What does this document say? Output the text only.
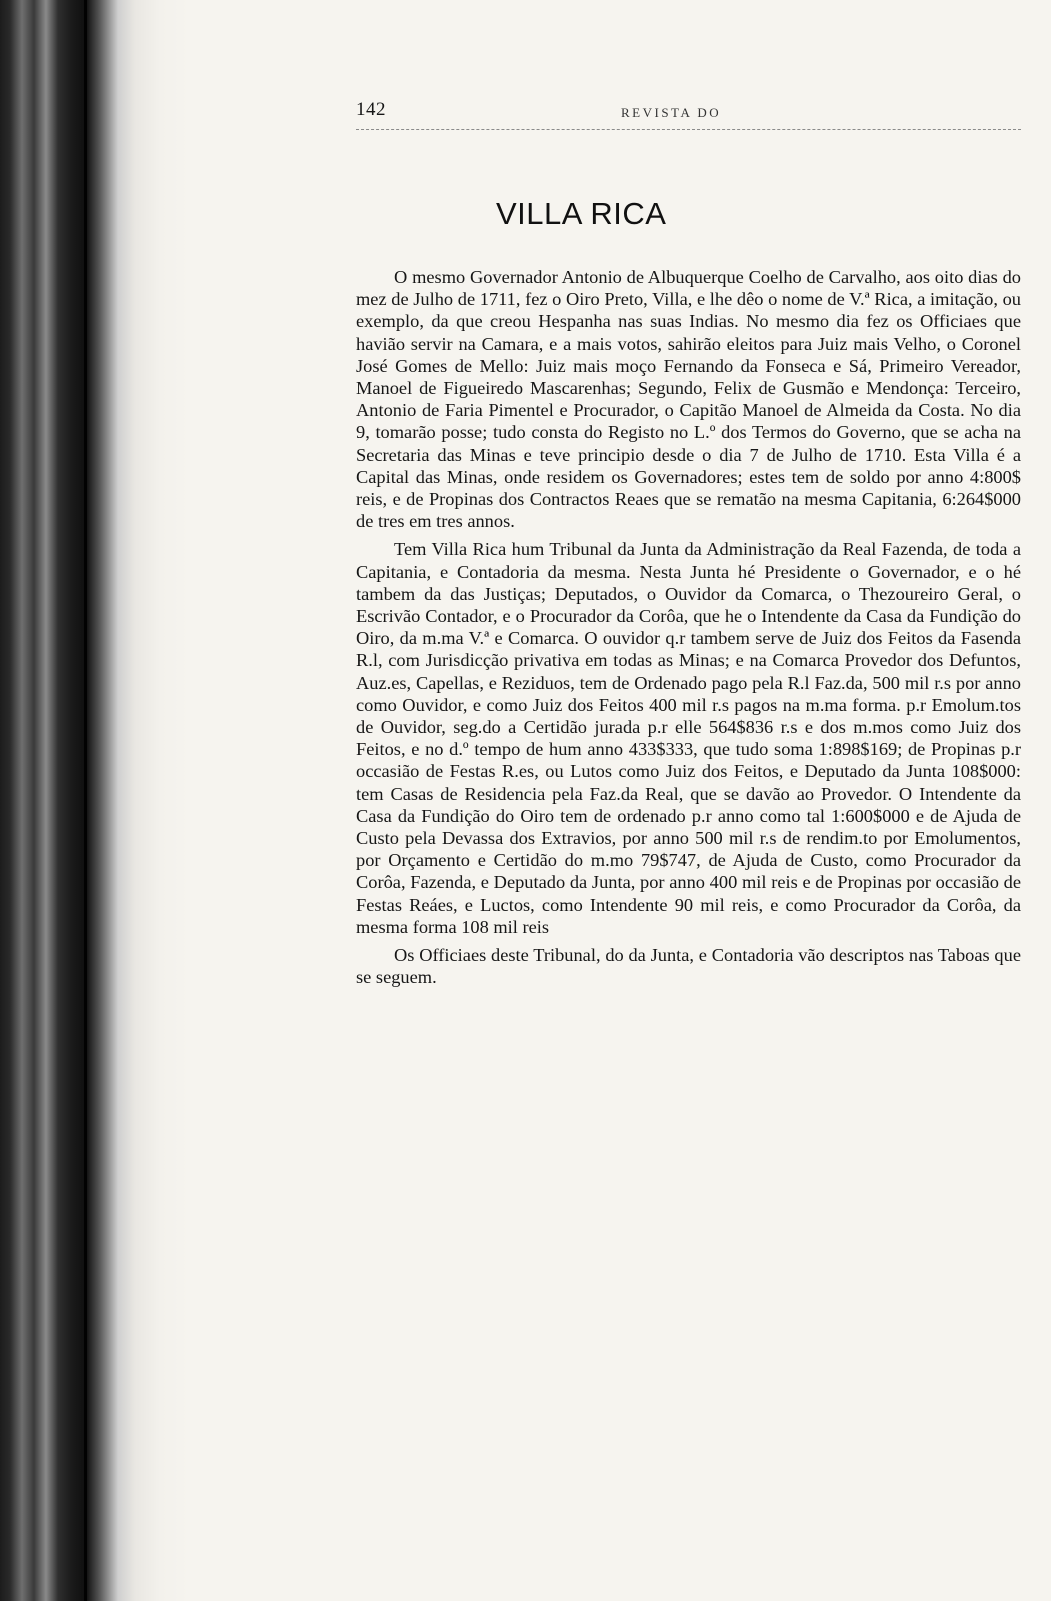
142	REVISTA DO
VILLA RICA

O mesmo Governador Antonio de Albuquerque Coelho de Carvalho, aos oito dias do mez de Julho de 1711, fez o Oiro Preto, Villa, e lhe dêo o nome de V.ª Rica, a imitação, ou exemplo, da que creou Hespanha nas suas Indias. No mesmo dia fez os Officiaes que havião servir na Camara, e a mais votos, sahirão eleitos para Juiz mais Velho, o Coronel José Gomes de Mello: Juiz mais moço Fernando da Fonseca e Sá, Primeiro Vereador, Manoel de Figueiredo Mascarenhas; Segundo, Felix de Gusmão e Mendonça: Terceiro, Antonio de Faria Pimentel e Procurador, o Capitão Manoel de Almeida da Costa. No dia 9, tomarão posse; tudo consta do Registo no L.º dos Termos do Governo, que se acha na Secretaria das Minas e teve principio desde o dia 7 de Julho de 1710. Esta Villa é a Capital das Minas, onde residem os Governadores; estes tem de soldo por anno 4:800$ reis, e de Propinas dos Contractos Reaes que se rematão na mesma Capitania, 6:264$000 de tres em tres annos.

Tem Villa Rica hum Tribunal da Junta da Administração da Real Fazenda, de toda a Capitania, e Contadoria da mesma. Nesta Junta hé Presidente o Governador, e o hé tambem da das Justiças; Deputados, o Ouvidor da Comarca, o Thezoureiro Geral, o Escrivão Contador, e o Procurador da Corôa, que he o Intendente da Casa da Fundição do Oiro, da m.ma V.ª e Comarca. O ouvidor q.r tambem serve de Juiz dos Feitos da Fasenda R.l, com Jurisdicção privativa em todas as Minas; e na Comarca Provedor dos Defuntos, Auz.es, Capellas, e Reziduos, tem de Ordenado pago pela R.l Faz.da, 500 mil r.s por anno como Ouvidor, e como Juiz dos Feitos 400 mil r.s pagos na m.ma forma. p.r Emolum.tos de Ouvidor, seg.do a Certidão jurada p.r elle 564$836 r.s e dos m.mos como Juiz dos Feitos, e no d.º tempo de hum anno 433$333, que tudo soma 1:898$169; de Propinas p.r occasião de Festas R.es, ou Lutos como Juiz dos Feitos, e Deputado da Junta 108$000: tem Casas de Residencia pela Faz.da Real, que se davão ao Provedor. O Intendente da Casa da Fundição do Oiro tem de ordenado p.r anno como tal 1:600$000 e de Ajuda de Custo pela Devassa dos Extravios, por anno 500 mil r.s de rendim.to por Emolumentos, por Orçamento e Certidão do m.mo 79$747, de Ajuda de Custo, como Procurador da Corôa, Fazenda, e Deputado da Junta, por anno 400 mil reis e de Propinas por occasião de Festas Reáes, e Luctos, como Intendente 90 mil reis, e como Procurador da Corôa, da mesma forma 108 mil reis

Os Officiaes deste Tribunal, do da Junta, e Contadoria vão descriptos nas Taboas que se seguem.
